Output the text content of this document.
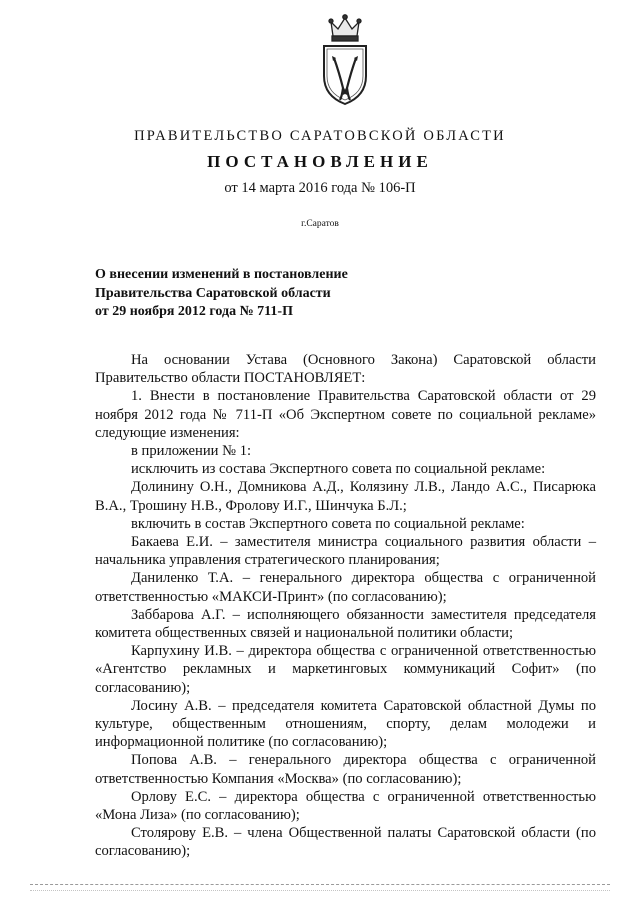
ПРАВИТЕЛЬСТВО САРАТОВСКОЙ ОБЛАСТИ
ПОСТАНОВЛЕНИЕ
от 14 марта 2016 года № 106-П
г.Саратов
О внесении изменений в постановление
Правительства Саратовской области
от 29 ноября 2012 года № 711-П

На основании Устава (Основного Закона) Саратовской области Правительство области ПОСТАНОВЛЯЕТ:

1. Внести в постановление Правительства Саратовской области от 29 ноября 2012 года № 711-П «Об Экспертном совете по социальной рекламе» следующие изменения:

в приложении № 1:

исключить из состава Экспертного совета по социальной рекламе:

Долинину О.Н., Домникова А.Д., Колязину Л.В., Ландо А.С., Писарюка В.А., Трошину Н.В., Фролову И.Г., Шинчука Б.Л.;

включить в состав Экспертного совета по социальной рекламе:

Бакаева Е.И. – заместителя министра социального развития области – начальника управления стратегического планирования;

Даниленко Т.А. – генерального директора общества с ограниченной ответственностью «МАКСИ-Принт» (по согласованию);

Заббарова А.Г. – исполняющего обязанности заместителя председателя комитета общественных связей и национальной политики области;

Карпухину И.В. – директора общества с ограниченной ответственностью «Агентство рекламных и маркетинговых коммуникаций Софит» (по согласованию);

Лосину А.В. – председателя комитета Саратовской областной Думы по культуре, общественным отношениям, спорту, делам молодежи и информационной политике (по согласованию);

Попова А.В. – генерального директора общества с ограниченной ответственностью Компания «Москва» (по согласованию);

Орлову Е.С. – директора общества с ограниченной ответственностью «Мона Лиза» (по согласованию);

Столярову Е.В. – члена Общественной палаты Саратовской области (по согласованию);
